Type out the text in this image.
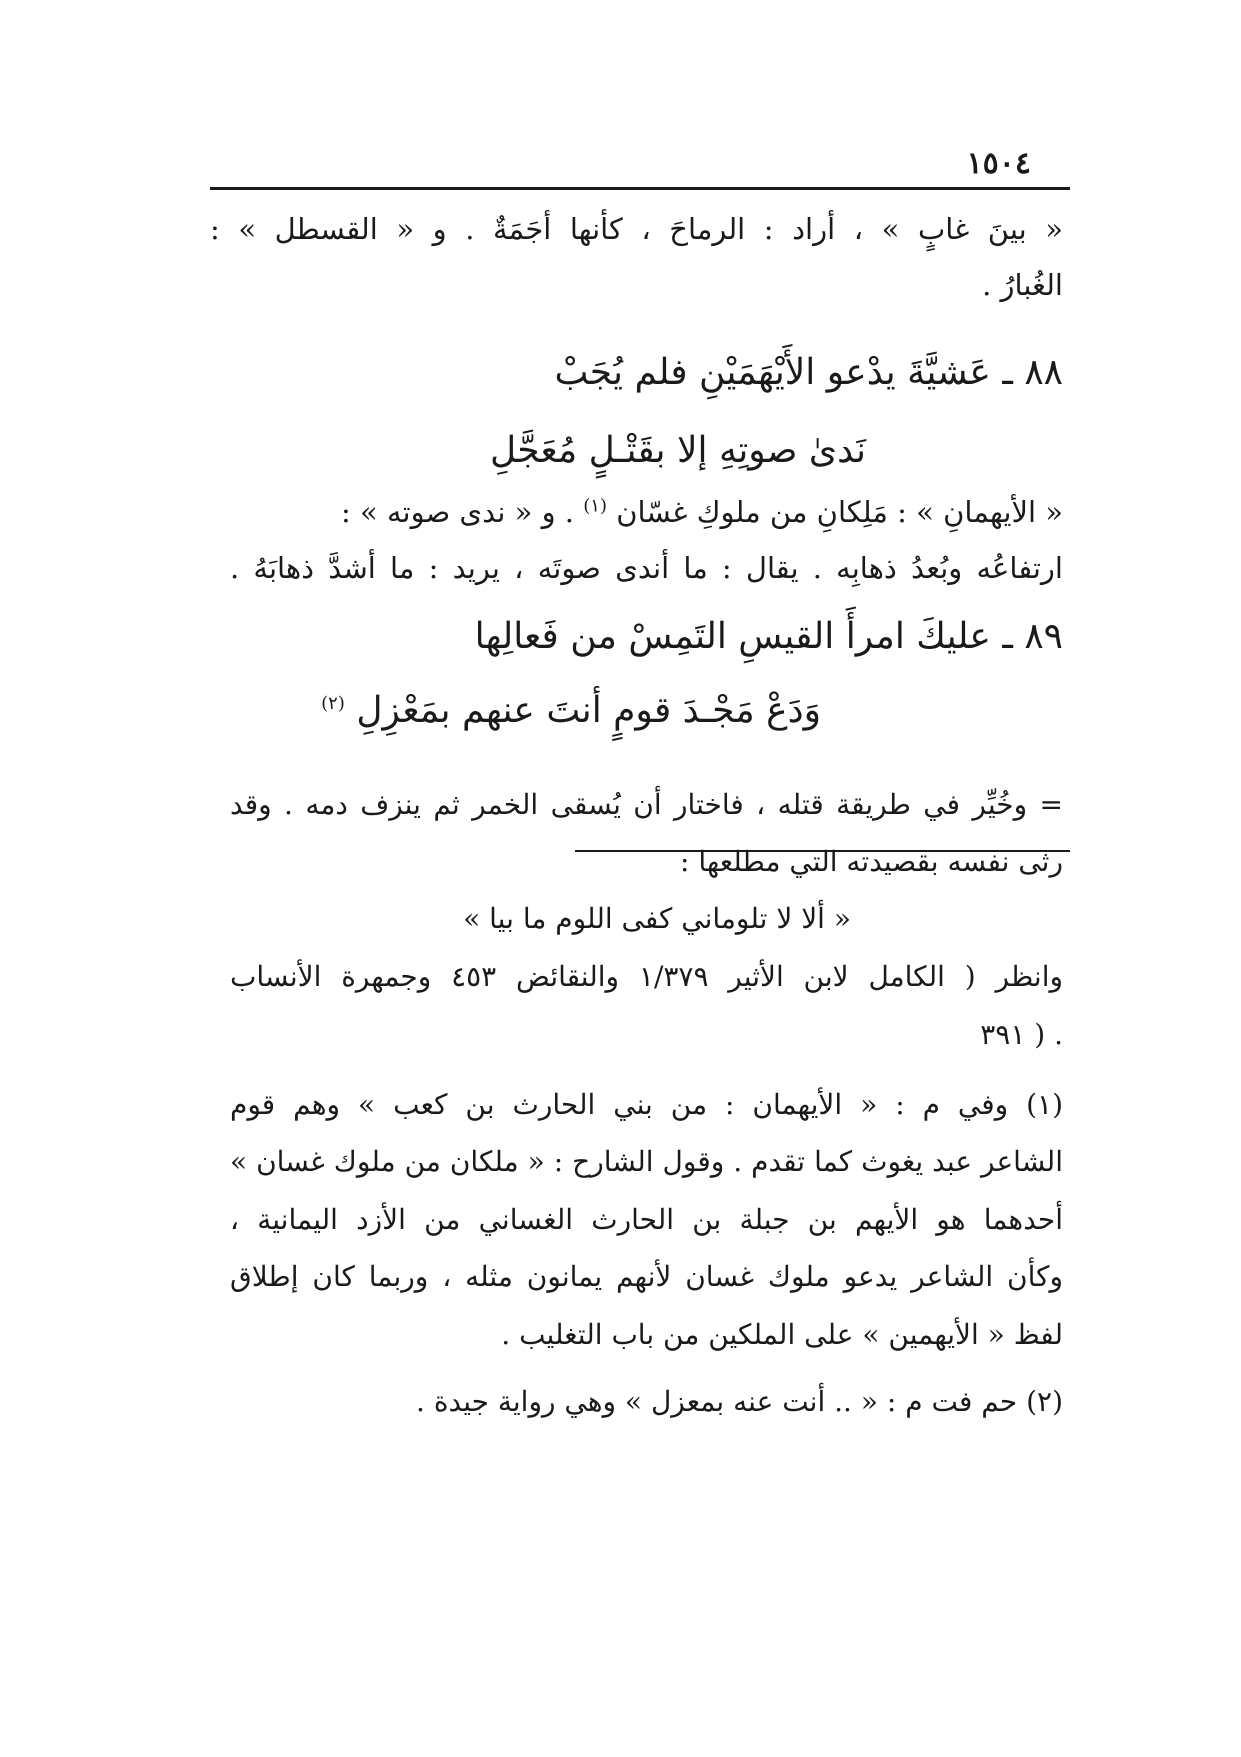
١٥٠٤
« بينَ غابٍ » ، أراد : الرماحَ ، كأنها أجَمَةٌ . و « القسطل » :
الغُبارُ .
٨٨ ـ عَشيَّةَ يدْعو الأَيْهَمَيْنِ فلم يُجَبْ
نَدىٰ صوتِهِ إلا بقَتْـلٍ مُعَجَّلِ
« الأيهمانِ » : مَلِكانِ من ملوكِ غسّان $^{(١)}$ . و « ندى صوته » :
ارتفاعُه وبُعدُ ذهابِه . يقال : ما أندى صوتَه ، يريد : ما أشدَّ ذهابَهُ .
٨٩ ـ عليكَ امرأَ القيسِ التَمِسْ من فَعالِها
وَدَعْ مَجْـدَ قومٍ أنتَ عنهم بمَعْزِلِ $^{(٢)}$
= وخُيِّر في طريقة قتله ، فاختار أن يُسقى الخمر ثم ينزف دمه . وقد
رثى نفسه بقصيدته التي مطلعها :
« ألا لا تلوماني كفى اللوم ما بيا »
وانظر ( الكامل لابن الأثير ١/٣٧٩ والنقائض ٤٥٣ وجمهرة الأنساب
٣٩١ ) .
(١) وفي م : « الأيهمان : من بني الحارث بن كعب » وهم قوم
الشاعر عبد يغوث كما تقدم . وقول الشارح : « ملكان من ملوك غسان »
أحدهما هو الأيهم بن جبلة بن الحارث الغساني من الأزد اليمانية ،
وكأن الشاعر يدعو ملوك غسان لأنهم يمانون مثله ، وربما كان إطلاق
لفظ « الأيهمين » على الملكين من باب التغليب .
(٢) حم فت م : « .. أنت عنه بمعزل » وهي رواية جيدة .
